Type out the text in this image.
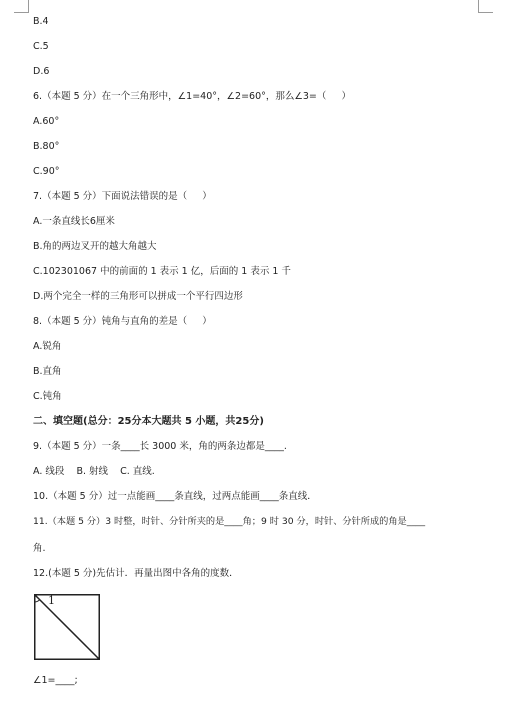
B.4
C.5
D.6
6.（本题 5 分）在一个三角形中，∠1=40°，∠2=60°，那么∠3=（     ）
A.60°
B.80°
C.90°
7.（本题 5 分）下面说法错误的是（     ）
A.一条直线长6厘米
B.角的两边叉开的越大角越大
C.102301067 中的前面的 1 表示 1 亿，后面的 1 表示 1 千
D.两个完全一样的三角形可以拼成一个平行四边形
8.（本题 5 分）钝角与直角的差是（     ）
A.锐角
B.直角
C.钝角
二、填空题(总分：25分本大题共 5 小题，共25分)
9.（本题 5 分）一条____长 3000 米，角的两条边都是____.
A. 线段    B. 射线    C. 直线.
10.（本题 5 分）过一点能画____条直线，过两点能画____条直线．
11.（本题 5 分）3 时整，时针、分针所夹的是____角；9 时 30 分，时针、分针所成的角是____
角.
12.(本题 5 分)先估计．再量出图中各角的度数．
1
∠1=____;
